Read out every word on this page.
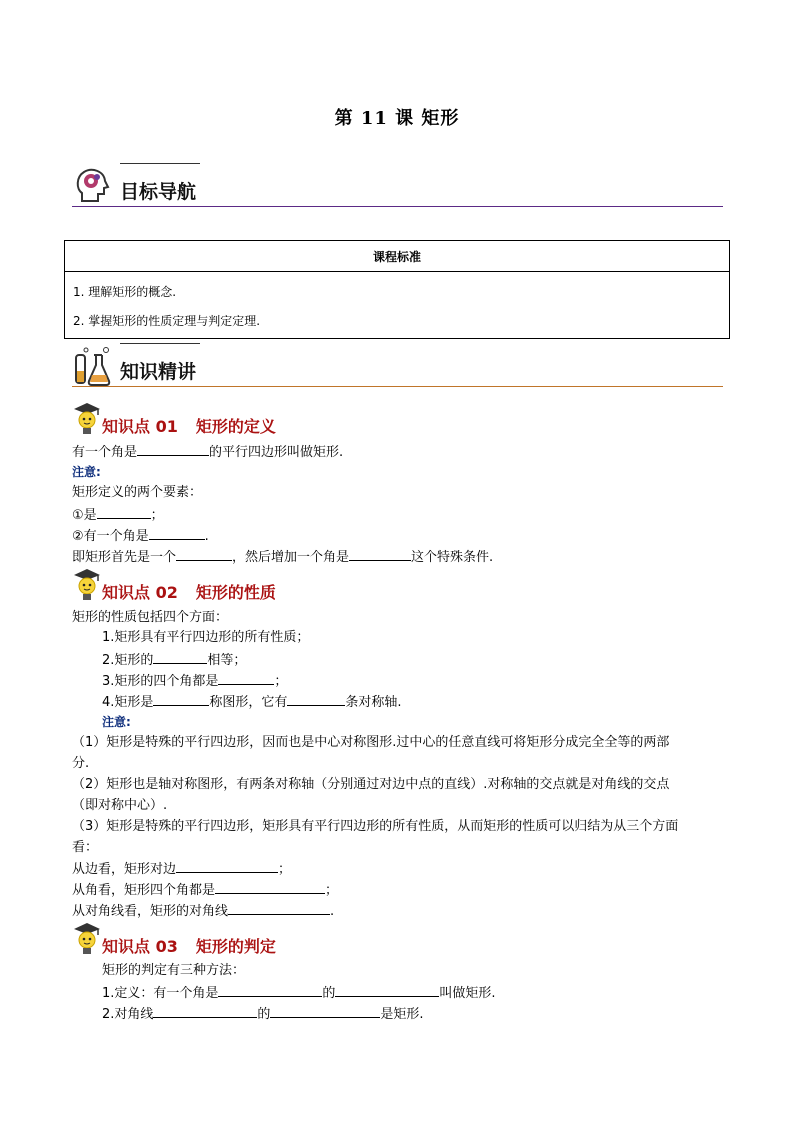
第 11 课 矩形
目标导航
课程标准

1. 理解矩形的概念.
2. 掌握矩形的性质定理与判定定理.
知识精讲
知识点 01 矩形的定义
有一个角是	的平行四边形叫做矩形.
注意:
矩形定义的两个要素：
①是	；
②有一个角是	.
即矩形首先是一个	，然后增加一个角是	这个特殊条件.
知识点 02 矩形的性质
矩形的性质包括四个方面：
1.矩形具有平行四边形的所有性质；
2.矩形的	相等；
3.矩形的四个角都是	；
4.矩形是	称图形，它有	条对称轴.
注意:
（1）矩形是特殊的平行四边形，因而也是中心对称图形.过中心的任意直线可将矩形分成完全全等的两部
分.
（2）矩形也是轴对称图形，有两条对称轴（分别通过对边中点的直线）.对称轴的交点就是对角线的交点
（即对称中心）.
（3）矩形是特殊的平行四边形，矩形具有平行四边形的所有性质，从而矩形的性质可以归结为从三个方面
看：
从边看，矩形对边	；
从角看，矩形四个角都是	；
从对角线看，矩形的对角线	.
知识点 03 矩形的判定
矩形的判定有三种方法：
1.定义：有一个角是	的	叫做矩形.
2.对角线	的	是矩形.
